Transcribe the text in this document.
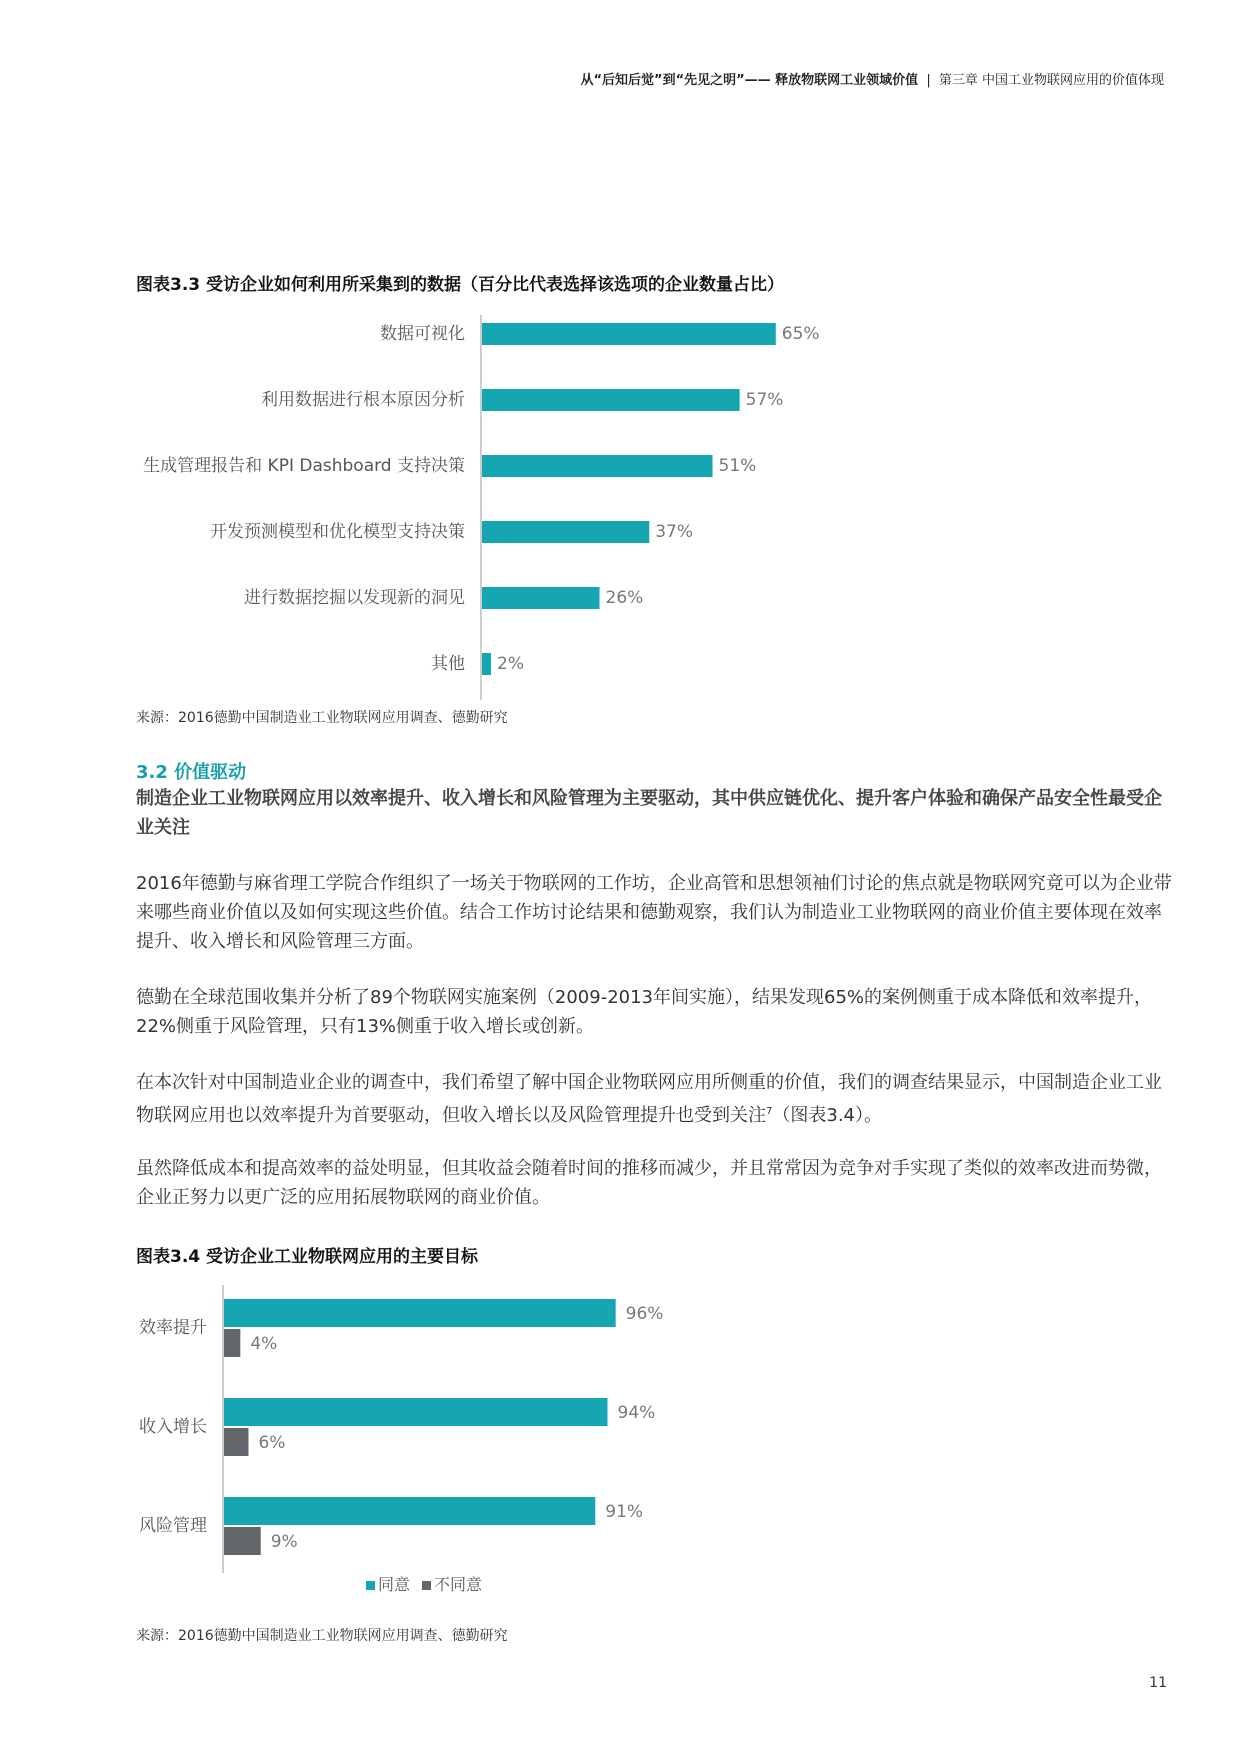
从“后知后觉”到“先见之明”—— 释放物联网工业领域价值 | 第三章 中国工业物联网应用的价值体现
图表3.3 受访企业如何利用所采集到的数据（百分比代表选择该选项的企业数量占比）
数据可视化	65%
利用数据进行根本原因分析	57%
生成管理报告和 KPI Dashboard 支持决策	51%
开发预测模型和优化模型支持决策	37%
进行数据挖掘以发现新的洞见	26%
其他 2%
来源：2016德勤中国制造业工业物联网应用调查、德勤研究
3.2 价值驱动
制造企业工业物联网应用以效率提升、收入增长和风险管理为主要驱动，其中供应链优化、提升客户体验和确保产品安全性最受企业关注
2016年德勤与麻省理工学院合作组织了一场关于物联网的工作坊，企业高管和思想领袖们讨论的焦点就是物联网究竟可以为企业带来哪些商业价值以及如何实现这些价值。结合工作坊讨论结果和德勤观察，我们认为制造业工业物联网的商业价值主要体现在效率提升、收入增长和风险管理三方面。
德勤在全球范围收集并分析了89个物联网实施案例（2009-2013年间实施），结果发现65%的案例侧重于成本降低和效率提升，22%侧重于风险管理，只有13%侧重于收入增长或创新。
在本次针对中国制造业企业的调查中，我们希望了解中国企业物联网应用所侧重的价值，我们的调查结果显示，中国制造企业工业物联网应用也以效率提升为首要驱动，但收入增长以及风险管理提升也受到关注$^7$（图表3.4）。
虽然降低成本和提高效率的益处明显，但其收益会随着时间的推移而减少，并且常常因为竞争对手实现了类似的效率改进而势微，企业正努力以更广泛的应用拓展物联网的商业价值。
图表3.4 受访企业工业物联网应用的主要目标
效率提升
96%
4%
收入增长
94%
6%
风险管理
91%
9%
同意 不同意
来源：2016德勤中国制造业工业物联网应用调查、德勤研究
11
